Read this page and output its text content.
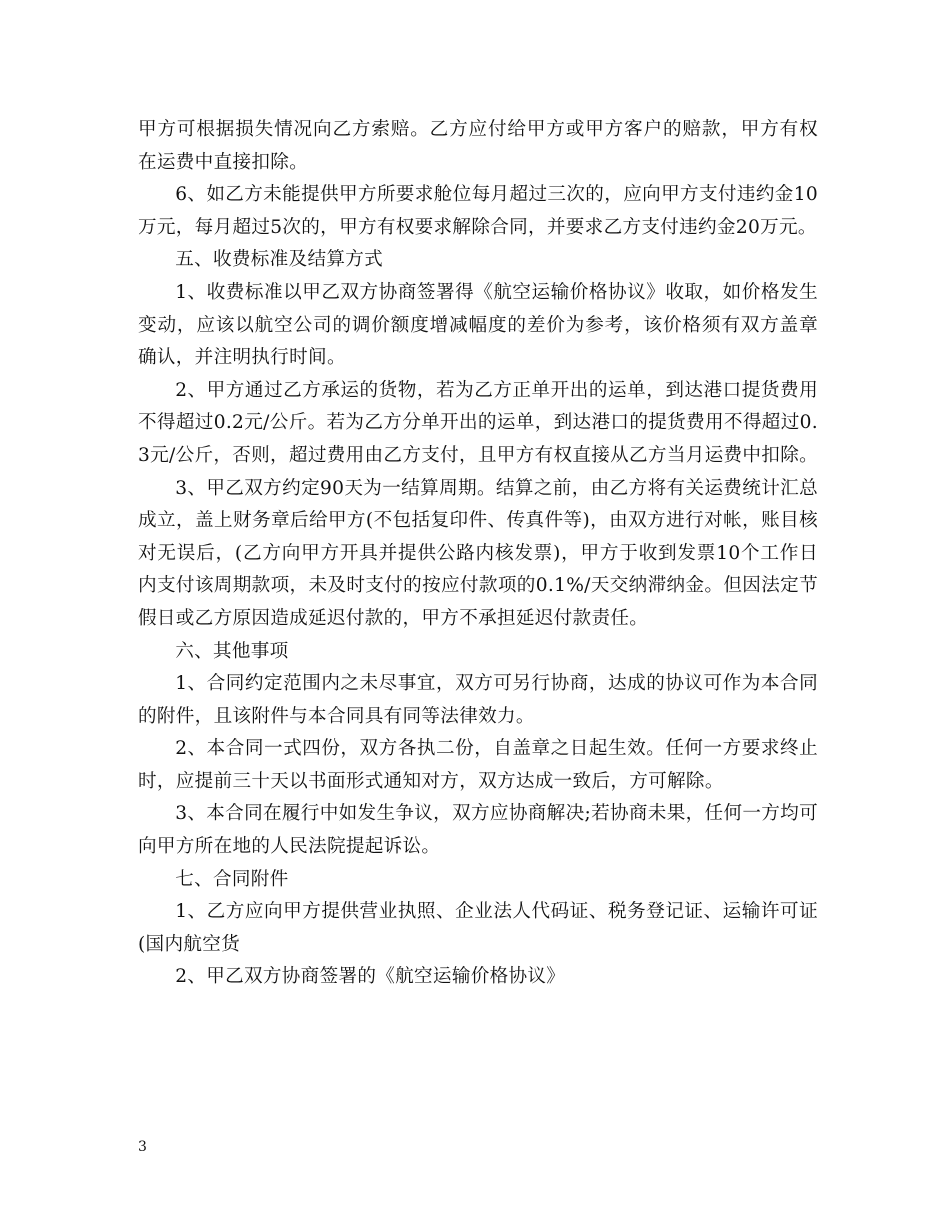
甲方可根据损失情况向乙方索赔。乙方应付给甲方或甲方客户的赔款，甲方有权在运费中直接扣除。

6、如乙方未能提供甲方所要求舱位每月超过三次的，应向甲方支付违约金10万元，每月超过5次的，甲方有权要求解除合同，并要求乙方支付违约金20万元。

五、收费标准及结算方式

1、收费标准以甲乙双方协商签署得《航空运输价格协议》收取，如价格发生变动，应该以航空公司的调价额度增减幅度的差价为参考，该价格须有双方盖章确认，并注明执行时间。

2、甲方通过乙方承运的货物，若为乙方正单开出的运单，到达港口提货费用不得超过0.2元/公斤。若为乙方分单开出的运单，到达港口的提货费用不得超过0.3元/公斤，否则，超过费用由乙方支付，且甲方有权直接从乙方当月运费中扣除。

3、甲乙双方约定90天为一结算周期。结算之前，由乙方将有关运费统计汇总成立，盖上财务章后给甲方(不包括复印件、传真件等)，由双方进行对帐，账目核对无误后，(乙方向甲方开具并提供公路内核发票)，甲方于收到发票10个工作日内支付该周期款项，未及时支付的按应付款项的0.1%/天交纳滞纳金。但因法定节假日或乙方原因造成延迟付款的，甲方不承担延迟付款责任。

六、其他事项

1、合同约定范围内之未尽事宜，双方可另行协商，达成的协议可作为本合同的附件，且该附件与本合同具有同等法律效力。

2、本合同一式四份，双方各执二份，自盖章之日起生效。任何一方要求终止时，应提前三十天以书面形式通知对方，双方达成一致后，方可解除。

3、本合同在履行中如发生争议，双方应协商解决;若协商未果，任何一方均可向甲方所在地的人民法院提起诉讼。

七、合同附件

1、乙方应向甲方提供营业执照、企业法人代码证、税务登记证、运输许可证(国内航空货

2、甲乙双方协商签署的《航空运输价格协议》

3
